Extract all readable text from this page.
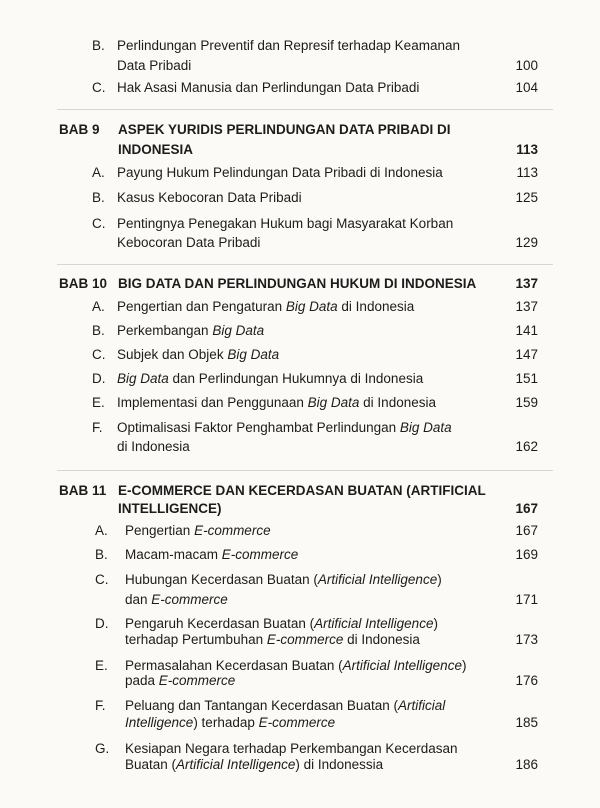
B. Perlindungan Preventif dan Represif terhadap Keamanan
Data Pribadi	100
C. Hak Asasi Manusia dan Perlindungan Data Pribadi	104
BAB 9 ASPEK YURIDIS PERLINDUNGAN DATA PRIBADI DI
INDONESIA	113
A. Payung Hukum Pelindungan Data Pribadi di Indonesia	113
B. Kasus Kebocoran Data Pribadi	125
C. Pentingnya Penegakan Hukum bagi Masyarakat Korban
Kebocoran Data Pribadi	129
BAB 10 BIG DATA DAN PERLINDUNGAN HUKUM DI INDONESIA	137
A. Pengertian dan Pengaturan Big Data di Indonesia	137
B. Perkembangan Big Data	141
C. Subjek dan Objek Big Data	147
D. Big Data dan Perlindungan Hukumnya di Indonesia	151
E. Implementasi dan Penggunaan Big Data di Indonesia	159
F. Optimalisasi Faktor Penghambat Perlindungan Big Data
di Indonesia	162
BAB 11 E-COMMERCE DAN KECERDASAN BUATAN (ARTIFICIAL
INTELLIGENCE)	167
A. Pengertian E-commerce	167
B. Macam-macam E-commerce	169
C. Hubungan Kecerdasan Buatan (Artificial Intelligence)
dan E-commerce	171
D. Pengaruh Kecerdasan Buatan (Artificial Intelligence)
terhadap Pertumbuhan E-commerce di Indonesia	173
E. Permasalahan Kecerdasan Buatan (Artificial Intelligence)
pada E-commerce	176
F. Peluang dan Tantangan Kecerdasan Buatan (Artificial
Intelligence) terhadap E-commerce	185
G. Kesiapan Negara terhadap Perkembangan Kecerdasan
Buatan (Artificial Intelligence) di Indonessia	186
